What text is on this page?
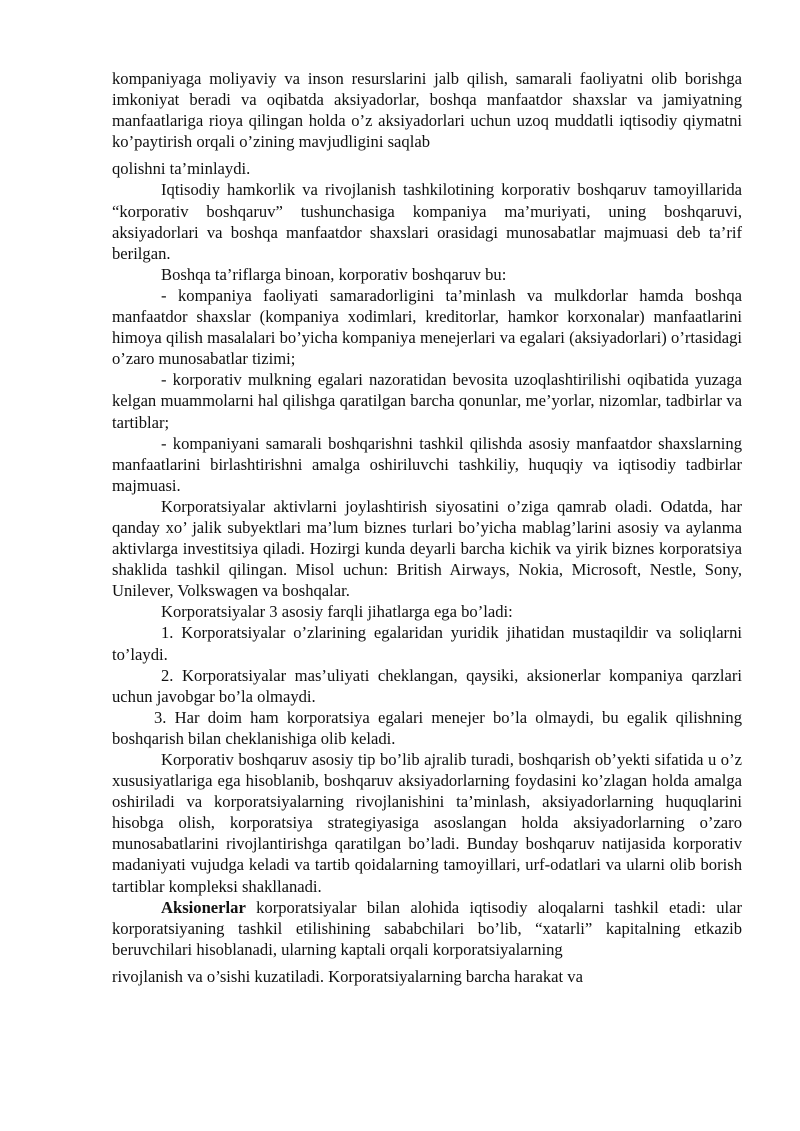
kompaniyaga moliyaviy va inson resurslarini jalb qilish, samarali faoliyatni olib borishga imkoniyat beradi va oqibatda aksiyadorlar, boshqa manfaatdor shaxslar va jamiyatning manfaatlariga rioya qilingan holda o’z aksiyadorlari uchun uzoq muddatli iqtisodiy qiymatni ko’paytirish orqali o’zining mavjudligini saqlab

qolishni ta’minlaydi.

Iqtisodiy hamkorlik va rivojlanish tashkilotining korporativ boshqaruv tamoyillarida “korporativ boshqaruv” tushunchasiga kompaniya ma’muriyati, uning boshqaruvi, aksiyadorlari va boshqa manfaatdor shaxslari orasidagi munosabatlar majmuasi deb ta’rif berilgan.

Boshqa ta’riflarga binoan, korporativ boshqaruv bu:

- kompaniya faoliyati samaradorligini ta’minlash va mulkdorlar hamda boshqa manfaatdor shaxslar (kompaniya xodimlari, kreditorlar, hamkor korxonalar) manfaatlarini himoya qilish masalalari bo’yicha kompaniya menejerlari va egalari (aksiyadorlari) o’rtasidagi o’zaro munosabatlar tizimi;

- korporativ mulkning egalari nazoratidan bevosita uzoqlashtirilishi oqibatida yuzaga kelgan muammolarni hal qilishga qaratilgan barcha qonunlar, me’yorlar, nizomlar, tadbirlar va tartiblar;

- kompaniyani samarali boshqarishni tashkil qilishda asosiy manfaatdor shaxslarning manfaatlarini birlashtirishni amalga oshiriluvchi tashkiliy, huquqiy va iqtisodiy tadbirlar majmuasi.

Korporatsiyalar aktivlarni joylashtirish siyosatini o’ziga qamrab oladi. Odatda, har qanday xo’ jalik subyektlari ma’lum biznes turlari bo’yicha mablag’larini asosiy va aylanma aktivlarga investitsiya qiladi. Hozirgi kunda deyarli barcha kichik va yirik biznes korporatsiya shaklida tashkil qilingan. Misol uchun: British Airways, Nokia, Microsoft, Nestle, Sony, Unilever, Volkswagen va boshqalar.

Korporatsiyalar 3 asosiy farqli jihatlarga ega bo’ladi:

1. Korporatsiyalar o’zlarining egalaridan yuridik jihatidan mustaqildir va soliqlarni to’laydi.

2. Korporatsiyalar mas’uliyati cheklangan, qaysiki, aksionerlar kompaniya qarzlari uchun javobgar bo’la olmaydi.

3. Har doim ham korporatsiya egalari menejer bo’la olmaydi, bu egalik qilishning boshqarish bilan cheklanishiga olib keladi.

Korporativ boshqaruv asosiy tip bo’lib ajralib turadi, boshqarish ob’yekti sifatida u o’z xususiyatlariga ega hisoblanib, boshqaruv aksiyadorlarning foydasini ko’zlagan holda amalga oshiriladi va korporatsiyalarning rivojlanishini ta’minlash, aksiyadorlarning huquqlarini hisobga olish, korporatsiya strategiyasiga asoslangan holda aksiyadorlarning o’zaro munosabatlarini rivojlantirishga qaratilgan bo’ladi. Bunday boshqaruv natijasida korporativ madaniyati vujudga keladi va tartib qoidalarning tamoyillari, urf-odatlari va ularni olib borish tartiblar kompleksi shakllanadi.

Aksionerlar korporatsiyalar bilan alohida iqtisodiy aloqalarni tashkil etadi: ular korporatsiyaning tashkil etilishining sababchilari bo’lib, “xatarli” kapitalning etkazib beruvchilari hisoblanadi, ularning kaptali orqali korporatsiyalarning

rivojlanish va o’sishi kuzatiladi. Korporatsiyalarning barcha harakat va
